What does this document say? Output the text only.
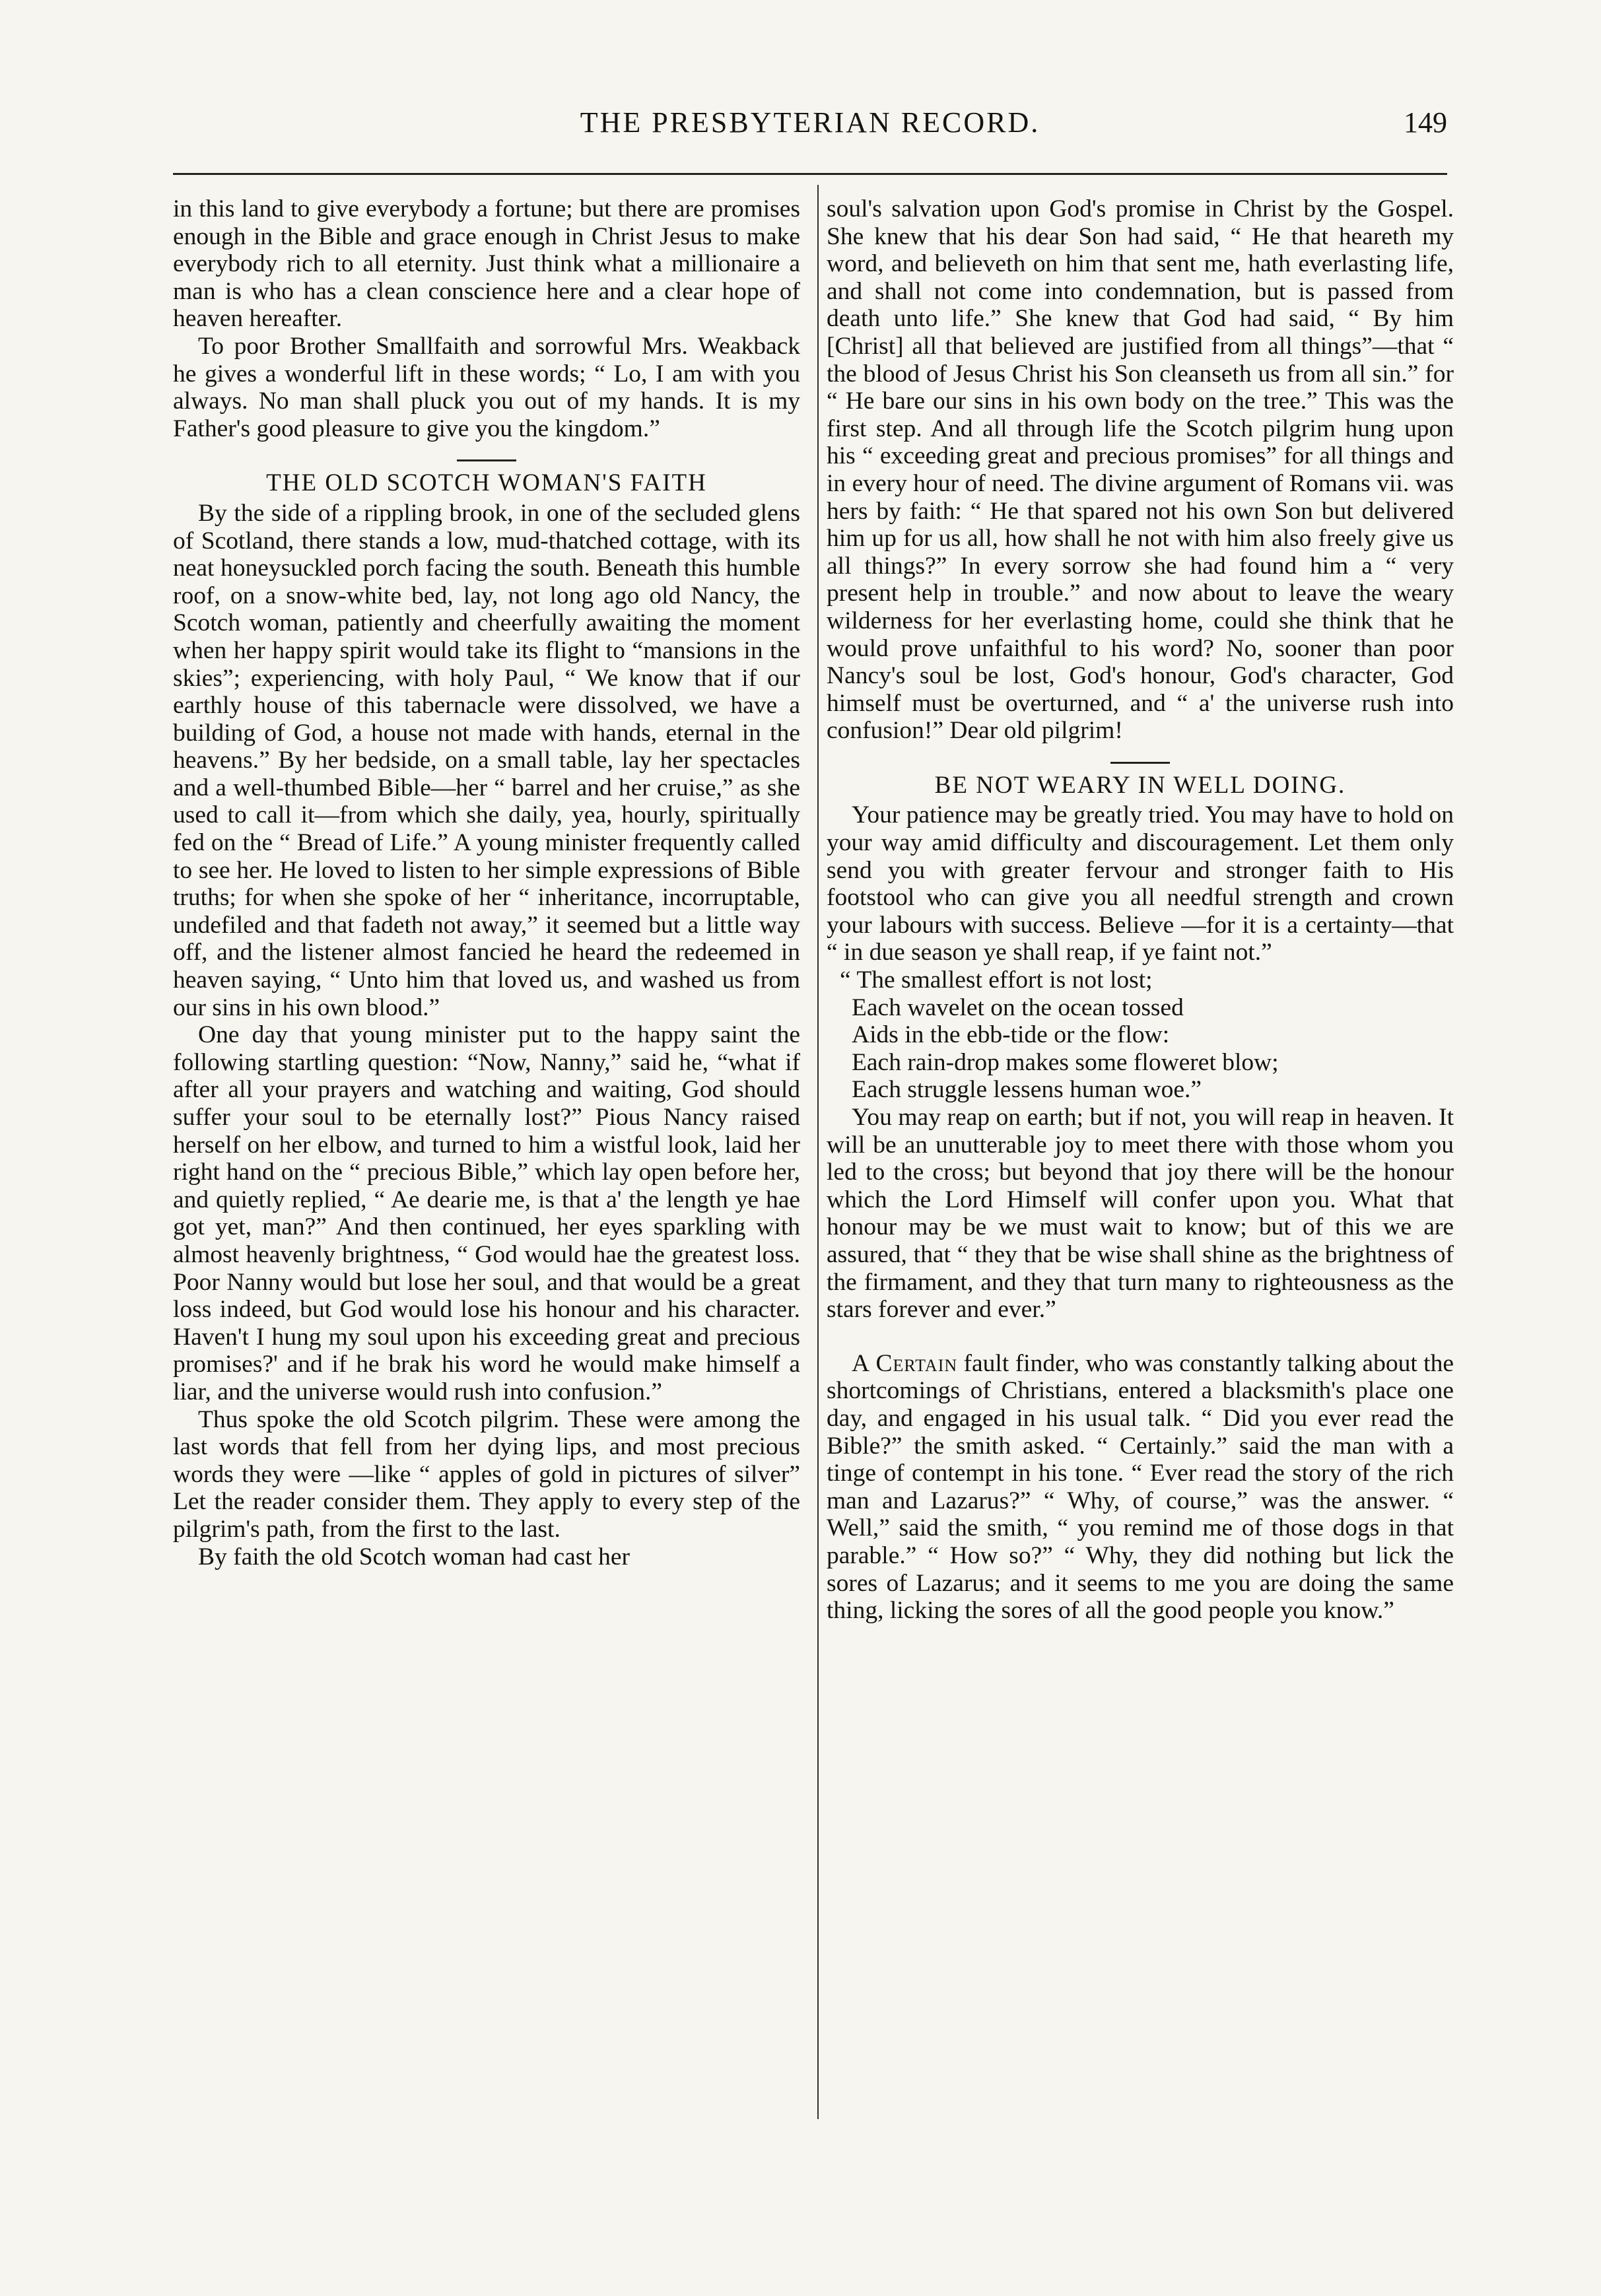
THE PRESBYTERIAN RECORD.	149

in this land to give everybody a fortune; but there are promises enough in the Bible and grace enough in Christ Jesus to make everybody rich to all eternity. Just think what a millionaire a man is who has a clean conscience here and a clear hope of heaven hereafter.

To poor Brother Smallfaith and sorrowful Mrs. Weakback he gives a wonderful lift in these words; “ Lo, I am with you always. No man shall pluck you out of my hands. It is my Father's good pleasure to give you the kingdom.”

THE OLD SCOTCH WOMAN'S FAITH

By the side of a rippling brook, in one of the secluded glens of Scotland, there stands a low, mud-thatched cottage, with its neat honeysuckled porch facing the south. Beneath this humble roof, on a snow-white bed, lay, not long ago old Nancy, the Scotch woman, patiently and cheerfully awaiting the moment when her happy spirit would take its flight to “mansions in the skies”; experiencing, with holy Paul, “ We know that if our earthly house of this tabernacle were dissolved, we have a building of God, a house not made with hands, eternal in the heavens.” By her bedside, on a small table, lay her spectacles and a well-thumbed Bible—her “ barrel and her cruise,” as she used to call it—from which she daily, yea, hourly, spiritually fed on the “ Bread of Life.” A young minister frequently called to see her. He loved to listen to her simple expressions of Bible truths; for when she spoke of her “ inheritance, incorruptable, undefiled and that fadeth not away,” it seemed but a little way off, and the listener almost fancied he heard the redeemed in heaven saying, “ Unto him that loved us, and washed us from our sins in his own blood.”

One day that young minister put to the happy saint the following startling question: “Now, Nanny,” said he, “what if after all your prayers and watching and waiting, God should suffer your soul to be eternally lost?” Pious Nancy raised herself on her elbow, and turned to him a wistful look, laid her right hand on the “ precious Bible,” which lay open before her, and quietly replied, “ Ae dearie me, is that a' the length ye hae got yet, man?” And then continued, her eyes sparkling with almost heavenly brightness, “ God would hae the greatest loss. Poor Nanny would but lose her soul, and that would be a great loss indeed, but God would lose his honour and his character. Haven't I hung my soul upon his exceeding great and precious promises?' and if he brak his word he would make himself a liar, and the universe would rush into confusion.”

Thus spoke the old Scotch pilgrim. These were among the last words that fell from her dying lips, and most precious words they were —like “ apples of gold in pictures of silver” Let the reader consider them. They apply to every step of the pilgrim's path, from the first to the last.

By faith the old Scotch woman had cast her

soul's salvation upon God's promise in Christ by the Gospel. She knew that his dear Son had said, “ He that heareth my word, and believeth on him that sent me, hath everlasting life, and shall not come into condemnation, but is passed from death unto life.” She knew that God had said, “ By him [Christ] all that believed are justified from all things”—that “ the blood of Jesus Christ his Son cleanseth us from all sin.” for “ He bare our sins in his own body on the tree.” This was the first step. And all through life the Scotch pilgrim hung upon his “ exceeding great and precious promises” for all things and in every hour of need. The divine argument of Romans vii. was hers by faith: “ He that spared not his own Son but delivered him up for us all, how shall he not with him also freely give us all things?” In every sorrow she had found him a “ very present help in trouble.” and now about to leave the weary wilderness for her everlasting home, could she think that he would prove unfaithful to his word? No, sooner than poor Nancy's soul be lost, God's honour, God's character, God himself must be overturned, and “ a' the universe rush into confusion!” Dear old pilgrim!

BE NOT WEARY IN WELL DOING.

Your patience may be greatly tried. You may have to hold on your way amid difficulty and discouragement. Let them only send you with greater fervour and stronger faith to His footstool who can give you all needful strength and crown your labours with success. Believe —for it is a certainty—that “ in due season ye shall reap, if ye faint not.”

“ The smallest effort is not lost;
Each wavelet on the ocean tossed
Aids in the ebb-tide or the flow:
Each rain-drop makes some floweret blow;
Each struggle lessens human woe.”

You may reap on earth; but if not, you will reap in heaven. It will be an unutterable joy to meet there with those whom you led to the cross; but beyond that joy there will be the honour which the Lord Himself will confer upon you. What that honour may be we must wait to know; but of this we are assured, that “ they that be wise shall shine as the brightness of the firmament, and they that turn many to righteousness as the stars forever and ever.”

A Certain fault finder, who was constantly talking about the shortcomings of Christians, entered a blacksmith's place one day, and engaged in his usual talk. “ Did you ever read the Bible?” the smith asked. “ Certainly.” said the man with a tinge of contempt in his tone. “ Ever read the story of the rich man and Lazarus?” “ Why, of course,” was the answer. “ Well,” said the smith, “ you remind me of those dogs in that parable.” “ How so?” “ Why, they did nothing but lick the sores of Lazarus; and it seems to me you are doing the same thing, licking the sores of all the good people you know.”
